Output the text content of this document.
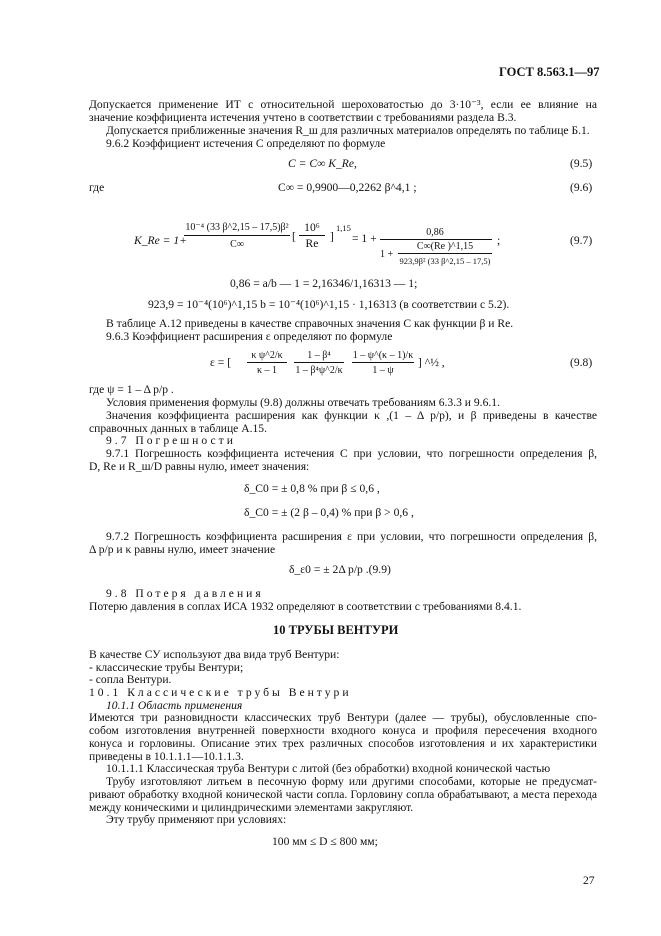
ГОСТ 8.563.1—97
Допускается применение ИТ с относительной шероховатостью до 3·10⁻³, если ее влияние на
значение коэффициента истечения учтено в соответствии с требованиями раздела В.3.
Допускается приближенные значения R_ш для различных материалов определять по таблице Б.1.
9.6.2 Коэффициент истечения C определяют по формуле
C = C∞ K_Re,	(9.5)
где	C∞ = 0,9900—0,2262 β^4,1 ;	(9.6)
K_Re = 1+
10⁻⁴ (33 β^2,15 – 17,5)β²
C∞
[
10⁶
Re
]
1,15
= 1 +	0,86
1 +
C∞(Re )^1,15
923,9β² (33 β^2,15 – 17,5)
;	(9.7)
0,86 = a/b — 1 = 2,16346/1,16313 — 1;
923,9 = 10⁻⁴(10⁶)^1,15 b = 10⁻⁴(10⁶)^1,15 · 1,16313 (в соответствии с 5.2).
В таблице А.12 приведены в качестве справочных значения C как функции β и Re.
9.6.3 Коэффициент расширения ε определяют по формуле
ε = [
κ ψ^2/κ
κ – 1
1 – β⁴
1 – β⁴ψ^2/κ
1 – ψ^(κ – 1)/κ
1 – ψ
] ^½ ,	(9.8)
где ψ = 1 – Δ p/p .
Условия применения формулы (9.8) должны отвечать требованиям 6.3.3 и 9.6.1.
Значения коэффициента расширения как функции κ ,(1 – Δ p/p), и β приведены в качестве
справочных данных в таблице А.15.
9.7 Погрешности
9.7.1 Погрешность коэффициента истечения C при условии, что погрешности определения β,
D, Re и R_ш/D равны нулю, имеет значения:
δ_C0 = ± 0,8 % при β ≤ 0,6 ,
δ_C0 = ± (2 β – 0,4) % при β > 0,6 ,
9.7.2 Погрешность коэффициента расширения ε при условии, что погрешности определения β,
Δ p/p и κ равны нулю, имеет значение
δ_ε0 = ± 2Δ p/p .(9.9)
9.8 Потеря давления
Потерю давления в соплах ИСА 1932 определяют в соответствии с требованиями 8.4.1.
10 ТРУБЫ ВЕНТУРИ
В качестве СУ используют два вида труб Вентури:
- классические трубы Вентури;
- сопла Вентури.
10.1 Классические трубы Вентури
10.1.1 Область применения
Имеются три разновидности классических труб Вентури (далее — трубы), обусловленные спо-
собом изготовления внутренней поверхности входного конуса и профиля пересечения входного
конуса и горловины. Описание этих трех различных способов изготовления и их характеристики
приведены в 10.1.1.1—10.1.1.3.
10.1.1.1 Классическая труба Вентури с литой (без обработки) входной конической частью
Трубу изготовляют литьем в песочную форму или другими способами, которые не предусмат-
ривают обработку входной конической части сопла. Горловину сопла обрабатывают, а места перехода
между коническими и цилиндрическими элементами закругляют.
Эту трубу применяют при условиях:
100 мм ≤ D ≤ 800 мм;
27
